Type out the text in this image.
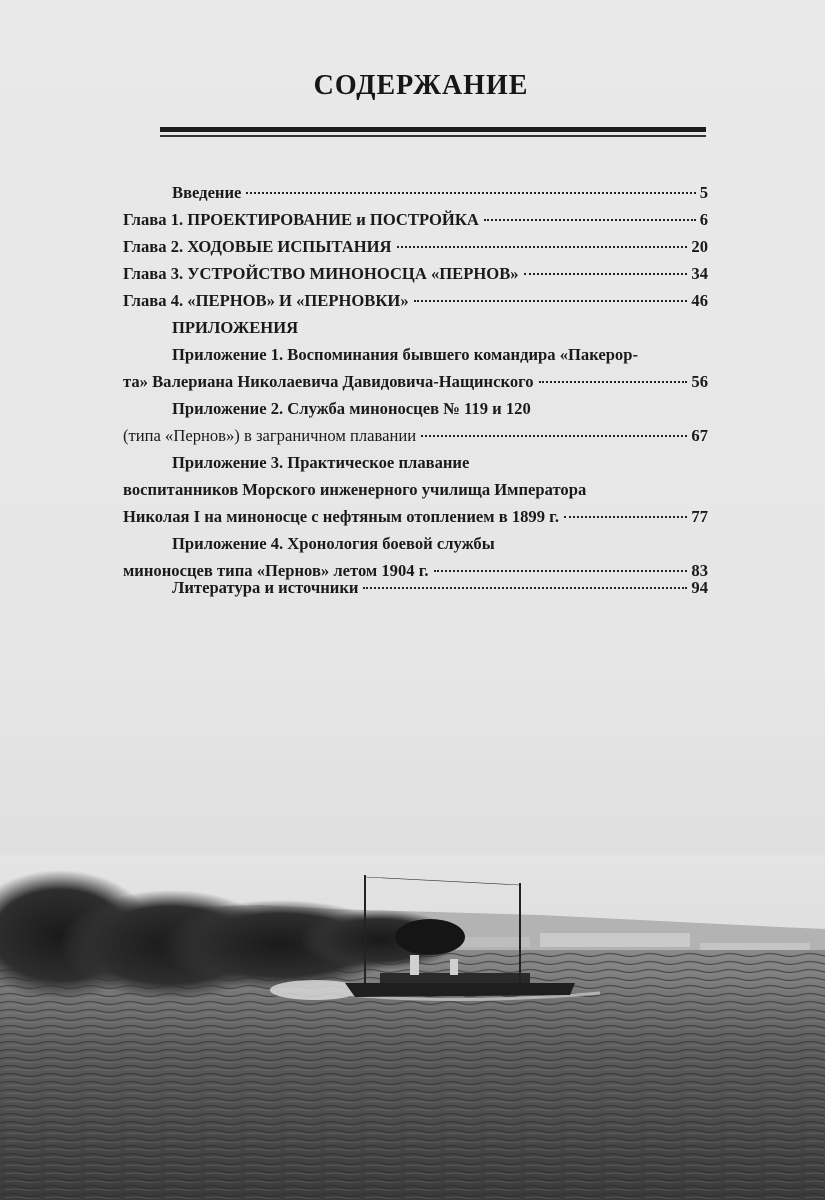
СОДЕРЖАНИЕ
Введение	5
Глава 1. ПРОЕКТИРОВАНИЕ и ПОСТРОЙКА	6
Глава 2. ХОДОВЫЕ ИСПЫТАНИЯ	20
Глава 3. УСТРОЙСТВО МИНОНОСЦА «ПЕРНОВ»	34
Глава 4. «ПЕРНОВ» И «ПЕРНОВКИ»	46
ПРИЛОЖЕНИЯ
Приложение 1. Воспоминания бывшего командира «Пакерор-
та» Валериана Николаевича Давидовича-Нащинского	56
Приложение 2. Служба миноносцев № 119 и 120
(типа «Пернов») в заграничном плавании	67
Приложение 3. Практическое плавание
воспитанников Морского инженерного училища Императора
Николая I на миноносце с нефтяным отоплением в 1899 г.	77
Приложение 4. Хронология боевой службы
миноносцев типа «Пернов» летом 1904 г.	83
Литература и источники	94
